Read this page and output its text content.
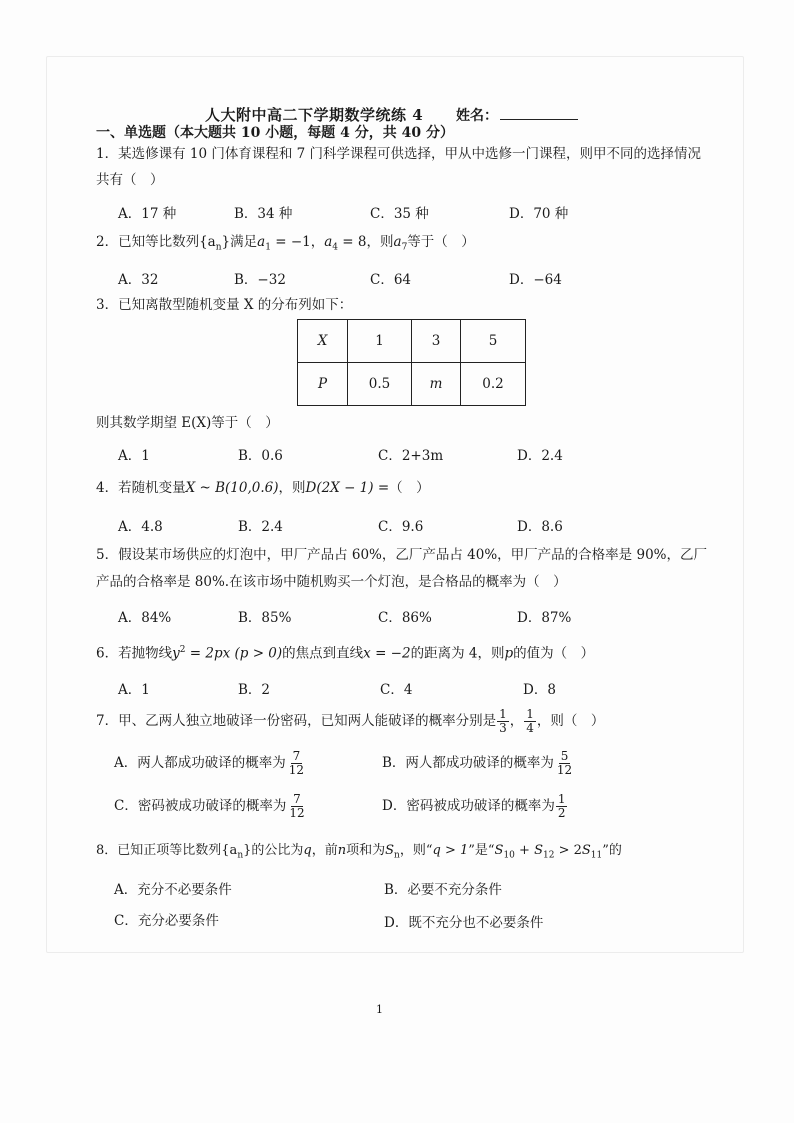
人大附中高二下学期数学统练 4 姓名：
一、单选题（本大题共 10 小题，每题 4 分，共 40 分）
1．某选修课有 10 门体育课程和 7 门科学课程可供选择，甲从中选修一门课程，则甲不同的选择情况
共有（　）
A．17 种	B．34 种	C．35 种	D．70 种
2．已知等比数列$\{a_n\}$满足$a_1 = -1$，$a_4 = 8$，则$a_7$等于（　）
A．32	B．−32	C．64	D．−64
3．已知离散型随机变量 X 的分布列如下：
X	1	3	5
P	0.5	m	0.2
则其数学期望 E(X)等于（　）
A．1	B．0.6	C．2+3m	D．2.4
4．若随机变量X ~ B(10,0.6)，则D(2X − 1) =（　）
A．4.8	B．2.4	C．9.6	D．8.6
5．假设某市场供应的灯泡中，甲厂产品占 60%，乙厂产品占 40%，甲厂产品的合格率是 90%，乙厂
产品的合格率是 80%.在该市场中随机购买一个灯泡，是合格品的概率为（　）
A．84%	B．85%	C．86%	D．87%
6．若抛物线$y^2 = 2px$ (p > 0)的焦点到直线x = −2的距离为 4，则p的值为（　）
A．1	B．2	C．4	D．8
7．甲、乙两人独立地破译一份密码，已知两人能破译的概率分别是 $\frac{1}{3}$ ， $\frac{1}{4}$ ，则（　）
A．两人都成功破译的概率为 $\frac{7}{12}$	B．两人都成功破译的概率为 $\frac{5}{12}$
C．密码被成功破译的概率为 $\frac{7}{12}$	D．密码被成功破译的概率为 $\frac{1}{2}$
8．已知正项等比数列$\{a_n\}$的公比为q，前n项和为$S_n$，则“q > 1”是“$S_{10} + S_{12} > 2S_{11}$”的
A．充分不必要条件	B．必要不充分条件
C．充分必要条件	D．既不充分也不必要条件
1
